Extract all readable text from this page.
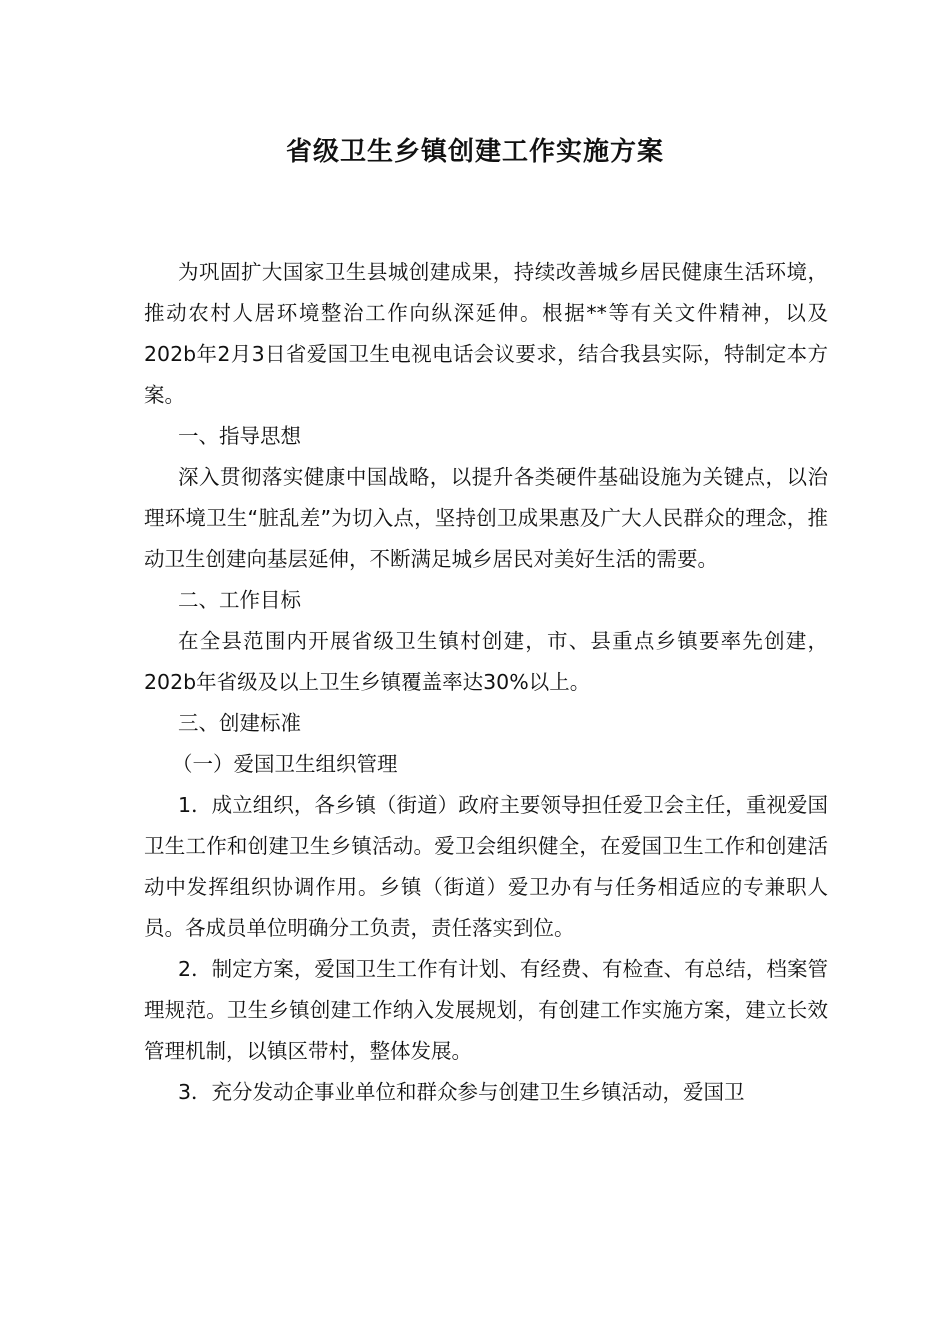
省级卫生乡镇创建工作实施方案

为巩固扩大国家卫生县城创建成果，持续改善城乡居民健康生活环境，推动农村人居环境整治工作向纵深延伸。根据**等有关文件精神，以及202b年2月3日省爱国卫生电视电话会议要求，结合我县实际，特制定本方案。

一、指导思想

深入贯彻落实健康中国战略，以提升各类硬件基础设施为关键点，以治理环境卫生“脏乱差”为切入点，坚持创卫成果惠及广大人民群众的理念，推动卫生创建向基层延伸，不断满足城乡居民对美好生活的需要。

二、工作目标

在全县范围内开展省级卫生镇村创建，市、县重点乡镇要率先创建，202b年省级及以上卫生乡镇覆盖率达30%以上。

三、创建标准

（一）爱国卫生组织管理

1．成立组织，各乡镇（街道）政府主要领导担任爱卫会主任，重视爱国卫生工作和创建卫生乡镇活动。爱卫会组织健全，在爱国卫生工作和创建活动中发挥组织协调作用。乡镇（街道）爱卫办有与任务相适应的专兼职人员。各成员单位明确分工负责，责任落实到位。

2．制定方案，爱国卫生工作有计划、有经费、有检查、有总结，档案管理规范。卫生乡镇创建工作纳入发展规划，有创建工作实施方案，建立长效管理机制，以镇区带村，整体发展。

3．充分发动企事业单位和群众参与创建卫生乡镇活动，爱国卫
